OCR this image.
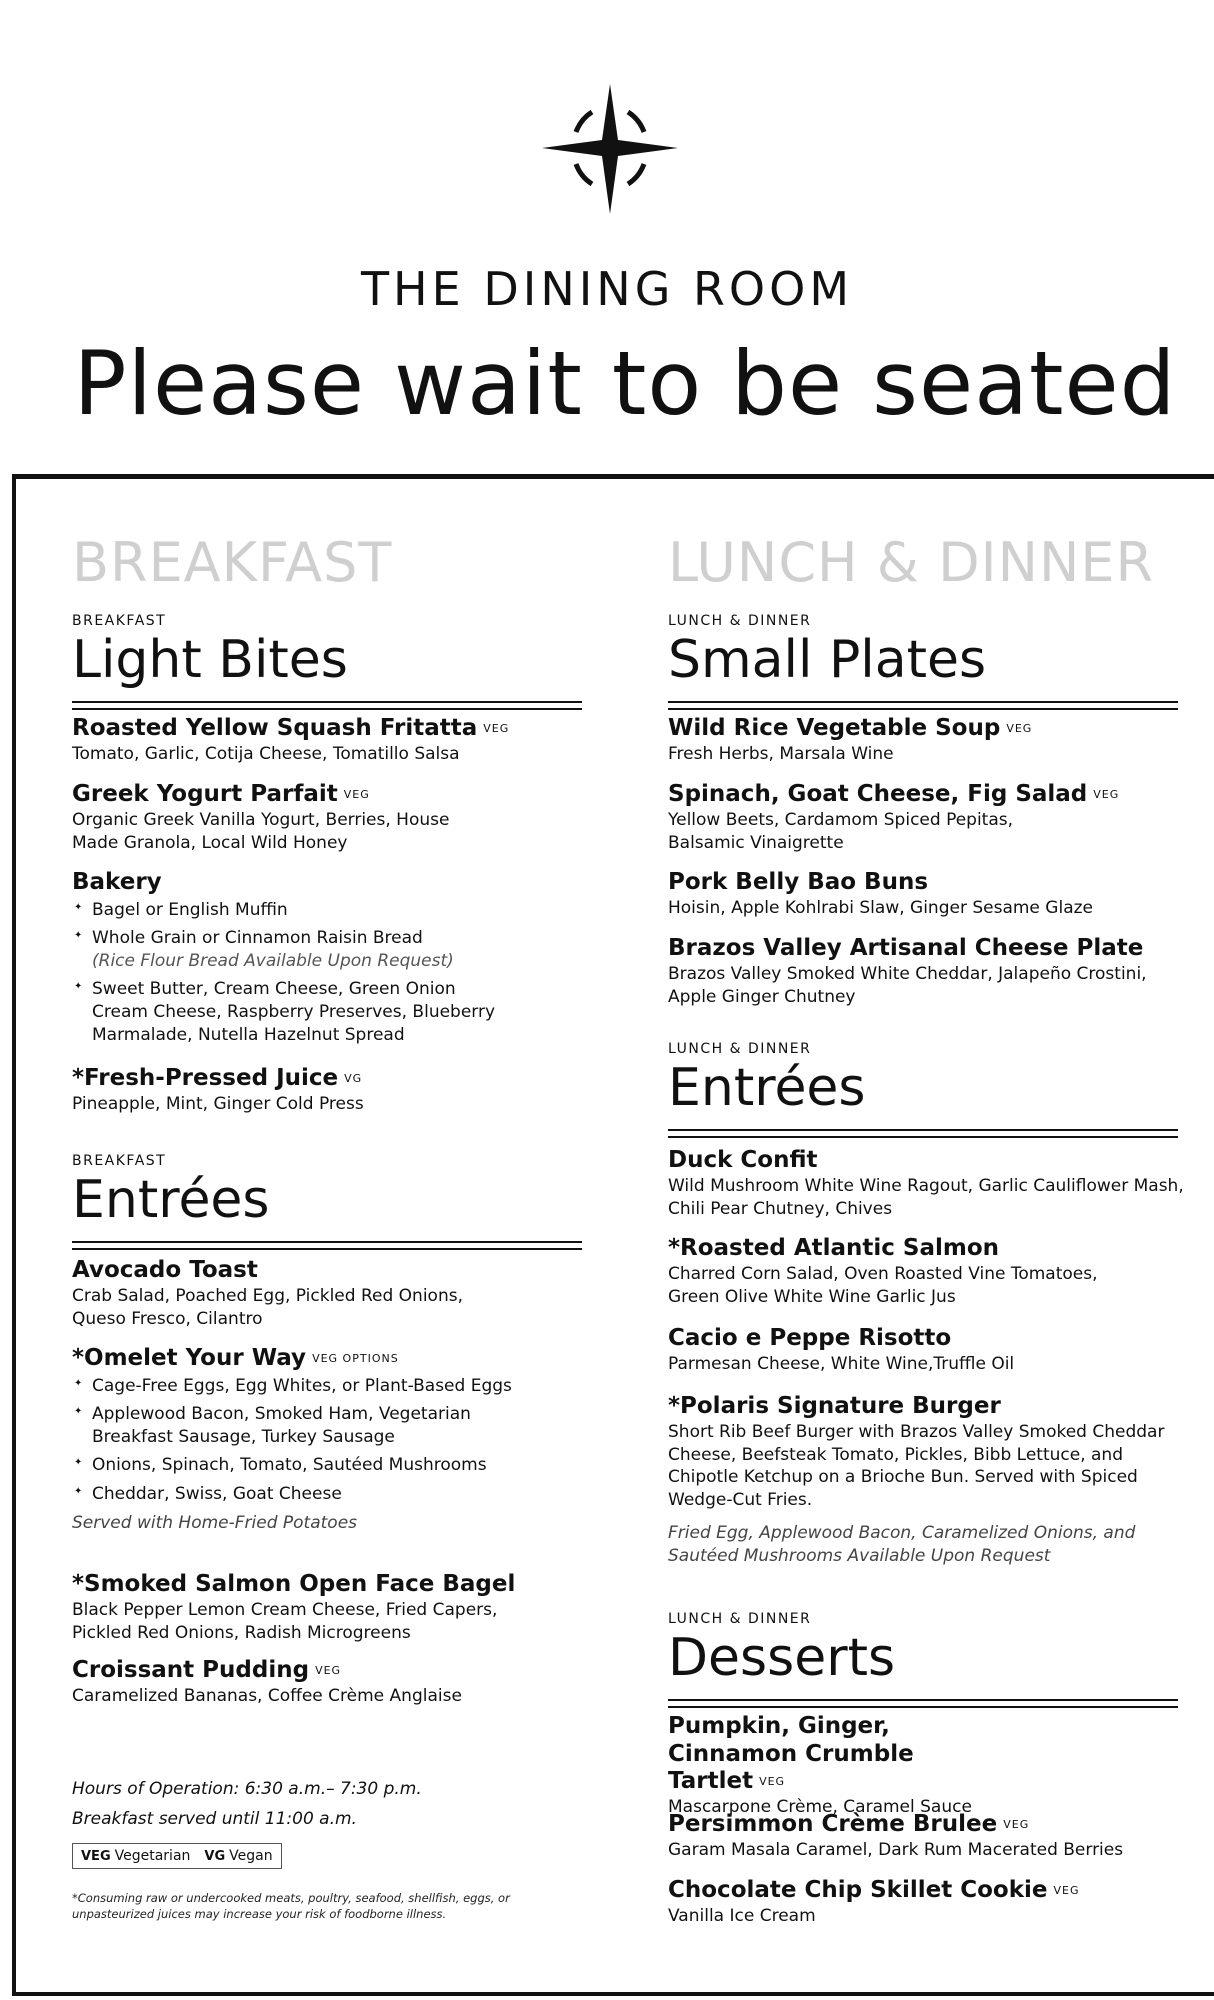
THE DINING ROOM
Please wait to be seated
BREAKFAST
BREAKFAST
Light Bites
Roasted Yellow Squash Fritatta VEG
Tomato, Garlic, Cotija Cheese, Tomatillo Salsa
Greek Yogurt Parfait VEG
Organic Greek Vanilla Yogurt, Berries, House Made Granola, Local Wild Honey
Bakery
✦ Bagel or English Muffin
✦ Whole Grain or Cinnamon Raisin Bread
(Rice Flour Bread Available Upon Request)
✦ Sweet Butter, Cream Cheese, Green Onion Cream Cheese, Raspberry Preserves, Blueberry Marmalade, Nutella Hazelnut Spread
*Fresh-Pressed Juice VG
Pineapple, Mint, Ginger Cold Press
BREAKFAST
Entrées
Avocado Toast
Crab Salad, Poached Egg, Pickled Red Onions, Queso Fresco, Cilantro
*Omelet Your Way VEG OPTIONS
✦ Cage-Free Eggs, Egg Whites, or Plant-Based Eggs
✦ Applewood Bacon, Smoked Ham, Vegetarian Breakfast Sausage, Turkey Sausage
✦ Onions, Spinach, Tomato, Sautéed Mushrooms
✦ Cheddar, Swiss, Goat Cheese
Served with Home-Fried Potatoes
*Smoked Salmon Open Face Bagel
Black Pepper Lemon Cream Cheese, Fried Capers, Pickled Red Onions, Radish Microgreens
Croissant Pudding VEG
Caramelized Bananas, Coffee Crème Anglaise
Hours of Operation: 6:30 a.m.– 7:30 p.m.
Breakfast served until 11:00 a.m.
VEG Vegetarian VG Vegan
*Consuming raw or undercooked meats, poultry, seafood, shellfish, eggs, or unpasteurized juices may increase your risk of foodborne illness.
LUNCH & DINNER
LUNCH & DINNER
Small Plates
Wild Rice Vegetable Soup VEG
Fresh Herbs, Marsala Wine
Spinach, Goat Cheese, Fig Salad VEG
Yellow Beets, Cardamom Spiced Pepitas, Balsamic Vinaigrette
Pork Belly Bao Buns
Hoisin, Apple Kohlrabi Slaw, Ginger Sesame Glaze
Brazos Valley Artisanal Cheese Plate
Brazos Valley Smoked White Cheddar, Jalapeño Crostini, Apple Ginger Chutney
LUNCH & DINNER
Entrées
Duck Confit
Wild Mushroom White Wine Ragout, Garlic Cauliflower Mash, Chili Pear Chutney, Chives
*Roasted Atlantic Salmon
Charred Corn Salad, Oven Roasted Vine Tomatoes, Green Olive White Wine Garlic Jus
Cacio e Peppe Risotto
Parmesan Cheese, White Wine,Truffle Oil
*Polaris Signature Burger
Short Rib Beef Burger with Brazos Valley Smoked Cheddar Cheese, Beefsteak Tomato, Pickles, Bibb Lettuce, and Chipotle Ketchup on a Brioche Bun. Served with Spiced Wedge-Cut Fries.
Fried Egg, Applewood Bacon, Caramelized Onions, and Sautéed Mushrooms Available Upon Request
LUNCH & DINNER
Desserts
Pumpkin, Ginger, Cinnamon Crumble Tartlet VEG
Mascarpone Crème, Caramel Sauce
Persimmon Crème Brulee VEG
Garam Masala Caramel, Dark Rum Macerated Berries
Chocolate Chip Skillet Cookie VEG
Vanilla Ice Cream
